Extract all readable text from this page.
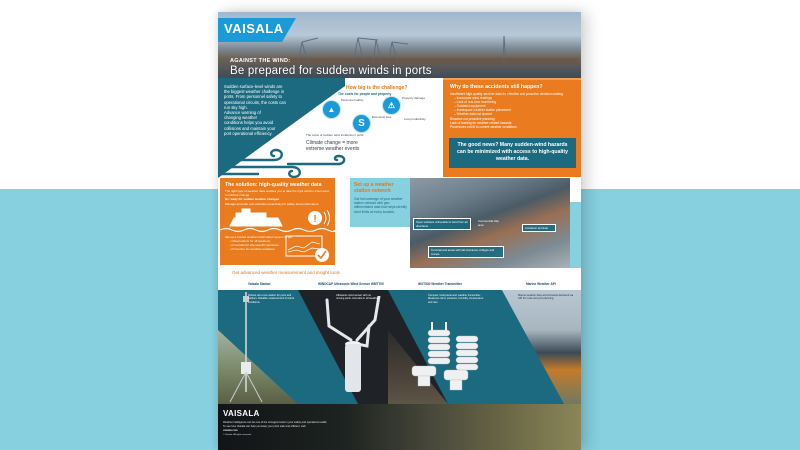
VAISALA
AGAINST THE WIND:
Be prepared for sudden winds in ports
Sudden surface-level winds are the biggest weather challenge in ports. From personnel safety to operational circuits, the costs can run sky high.
Advance warning of changing weather conditions helps you avoid collisions and maintain your port operational efficiency.
How big is the challenge?
The costs for people and property
▲
Personnel safety
⚠
Property damage
S
Economic loss	Lost productivity
The costs of sudden wind incidents in ports
Climate change = more
extreme weather events
Why do these accidents still happen?
Insufficient high-quality weather data for effective and proactive decision-making
– Inaccurate wind readings
– Lack of real-time monitoring
– Outdated equipment
– Inadequate weather station placement
– Weather data not shared
Reactive not proactive planning
Lack of training for weather-related hazards
Procedures not fit to current weather conditions
The good news? Many sudden-wind hazards can be minimized with access to high-quality weather data.
The solution: high-quality weather data
The right type of weather data enables you to take the right actions when wind conditions change.
Be ready for sudden weather changes
Manage and plan port activities proactively for safety and performance
!
Set up a trusted weather information system to get:
– Observations for all locations
– Forecasts for site-specific decisions
– Protection for sensitive locations
Set up a weather station network
Get full coverage of your weather station network with geo-differentiated data that helps identify wind limits at every location.
Open surfaces vulnerable to wind from all directions
Commercial ship area
Container terminal
Terminal and areas with tall structures, bridges and cranes
Get advanced weather measurement and insight tools
Vaisala Station	WINDCAP Ultrasonic Wind Sensor WMT700	WXT530 Weather Transmitter	Marine Weather API
Robust all-in-one station for ports and harbors. Reliable measurement in harsh conditions.
Ultrasonic wind sensor with no moving parts. Accurate in all weather.
Compact multi-parameter weather transmitter. Measures wind, pressure, humidity, temperature and rain.
Marine weather data and forecasts delivered via API for route and port planning.
VAISALA
Weather intelligence can be one of the strongest tools in your safety and operations toolkit.
To see how Vaisala can help you keep your ports safe and efficient, visit:
vaisala.com
© Vaisala. All rights reserved.
